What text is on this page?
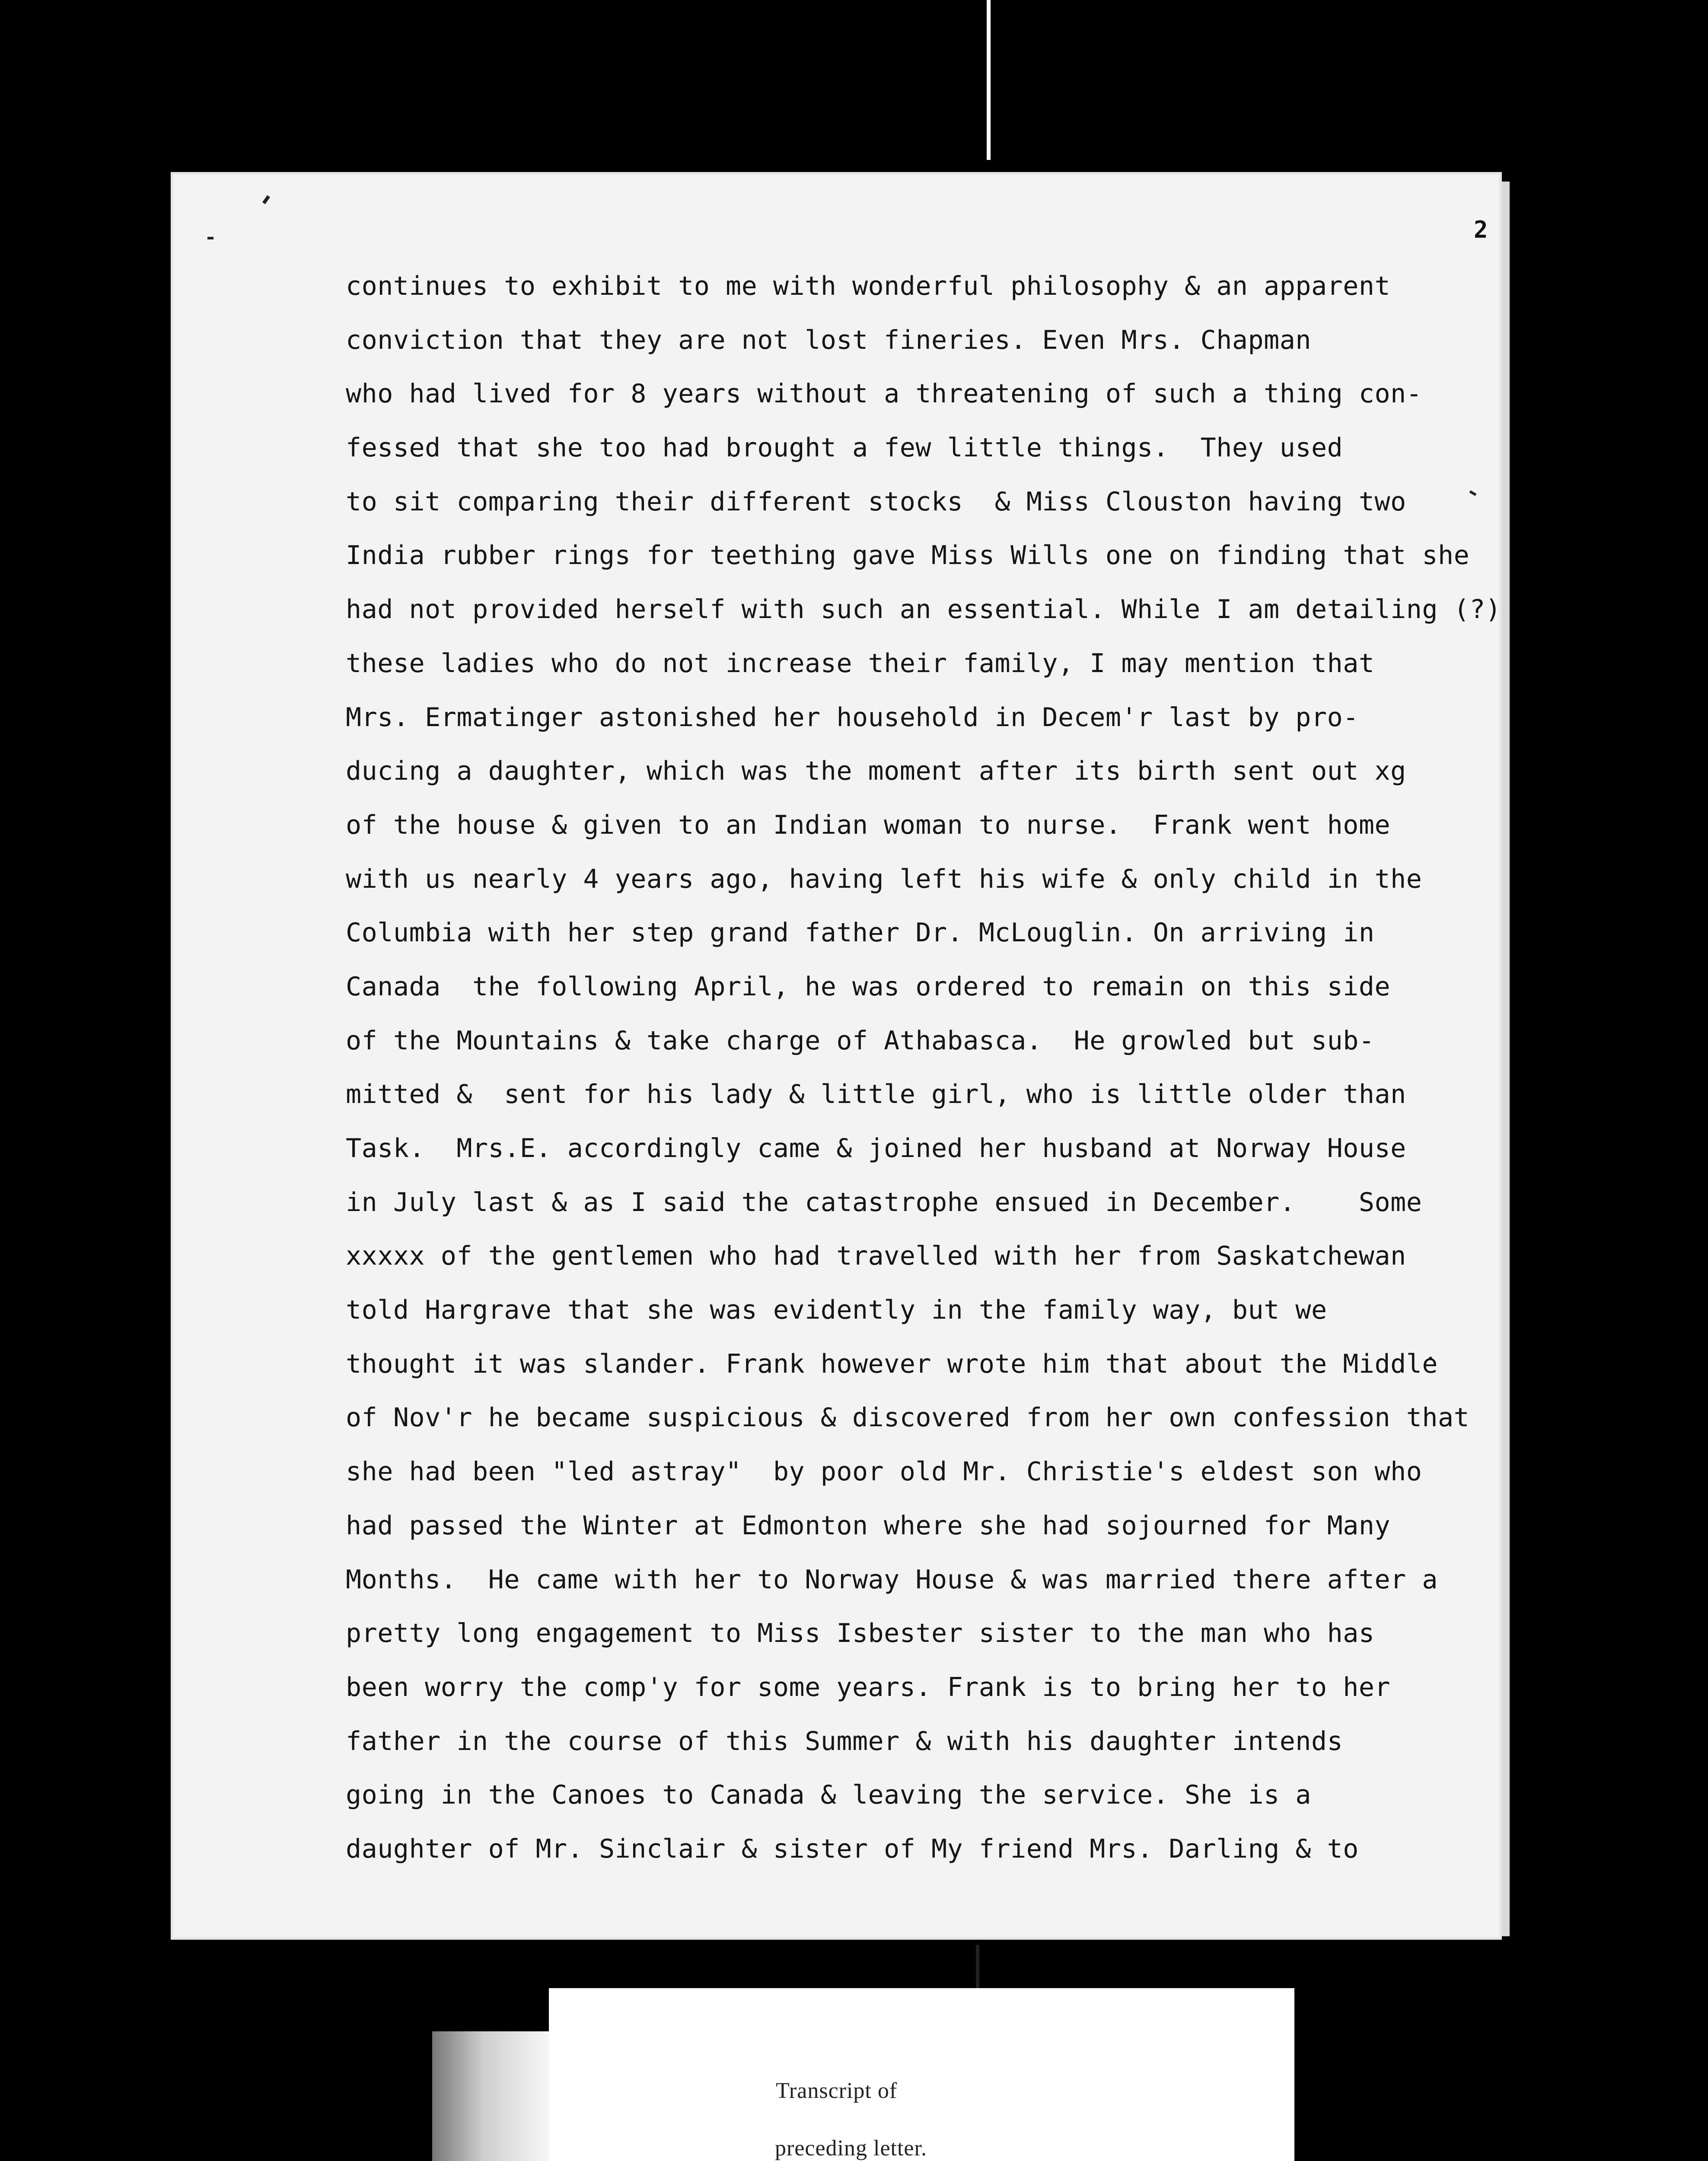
2
continues to exhibit to me with wonderful philosophy & an apparent
conviction that they are not lost fineries. Even Mrs. Chapman
who had lived for 8 years without a threatening of such a thing con-
fessed that she too had brought a few little things.  They used
to sit comparing their different stocks  & Miss Clouston having two
India rubber rings for teething gave Miss Wills one on finding that she
had not provided herself with such an essential. While I am detailing (?)
these ladies who do not increase their family, I may mention that
Mrs. Ermatinger astonished her household in Decem'r last by pro-
ducing a daughter, which was the moment after its birth sent out xg
of the house & given to an Indian woman to nurse.  Frank went home
with us nearly 4 years ago, having left his wife & only child in the
Columbia with her step grand father Dr. McLouglin. On arriving in
Canada  the following April, he was ordered to remain on this side
of the Mountains & take charge of Athabasca.  He growled but sub-
mitted &  sent for his lady & little girl, who is little older than
Task.  Mrs.E. accordingly came & joined her husband at Norway House
in July last & as I said the catastrophe ensued in December.    Some
xxxxx of the gentlemen who had travelled with her from Saskatchewan
told Hargrave that she was evidently in the family way, but we
thought it was slander. Frank however wrote him that about the Middle
of Nov'r he became suspicious & discovered from her own confession that
she had been "led astray"  by poor old Mr. Christie's eldest son who
had passed the Winter at Edmonton where she had sojourned for Many
Months.  He came with her to Norway House & was married there after a
pretty long engagement to Miss Isbester sister to the man who has
been worry the comp'y for some years. Frank is to bring her to her
father in the course of this Summer & with his daughter intends
going in the Canoes to Canada & leaving the service. She is a
daughter of Mr. Sinclair & sister of My friend Mrs. Darling & to
Transcript of
preceding letter.
